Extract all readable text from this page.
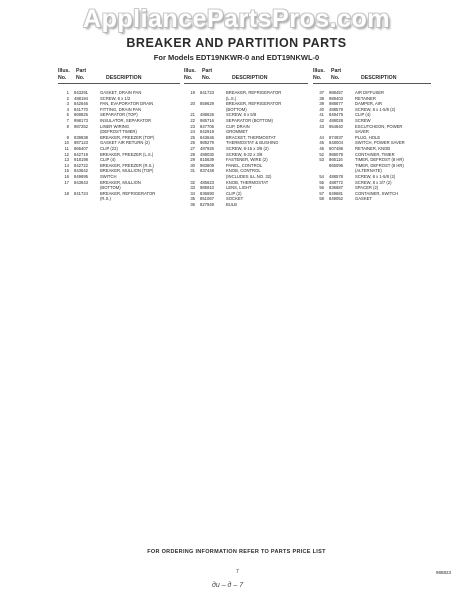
AppliancePartsPros.com
BREAKER AND PARTITION PARTS
For Models EDT19NKWR-0 and EDT19NKWL-0
Illus. Part
No. No.	DESCRIPTION
1	843291	GASKET, DRAIN PAN
2	488194	SCREW, 8 x 1/2
3	842646	PAN, EVAPORATOR DRAIN
4	841770	FITTING, DRAIN PAN
5	869825	SEPARATOR (TOP)
7	998173	INSULATOR, SEPARATOR
8	987252	LINER WIRING
(DEFROST TIMER)
9	839838	BREAKER, FREEZER (TOP)
10	987123	GASKET AIR RETURN (2)
11	866407	CLIP (22)
12	842719	BREAKER, FREEZER (L.S.)
13	918198	CLIP (4)
14	842722	BREAKER, FREEZER (R.S.)
15	843642	BREAKER, MULLION (TOP)
16	849695	SWITCH
17	843643	BREAKER, MULLION
(BOTTOM)
18	841724	BREAKER, REFRIGERATOR
(R.S.)
Illus. Part
No. No.	DESCRIPTION
19	841723	BREAKER, REFRIGERATOR
(L.S.)
20	859629	BREAKER, REFRIGERATOR
(BOTTOM)
21	488626	SCREW, 6 x 5/8
22	985716	SEPARATOR (BOTTOM)
23	847706	CUP, DRAIN
24	842919	GROMMET
25	843646	BRACKET, THERMOSTAT
26	989279	THERMOSTAT & BUSHING
27	487926	SCREW, 8-15 x 3/8 (2)
28	488030	SCREW, 8-32 x 3/8
29	815639	FASTENER, WIRE (2)
30	983809	PANEL, CONTROL
31	837448	KNOB, CONTROL
(INCLUDES ILL.NO. 32)
32	485623	KNOB, THERMOSTAT
33	985910	LENS, LIGHT
34	836690	CLIP (2)
35	851067	SOCKET
36	827949	BULB
Illus. Part
No. No.	DESCRIPTION
37	988457	AIR DIFFUSER
38	988403	RETAINER
39	988677	DAMPER, AIR
40	488579	SCREW, 8 x 1-5/8 (2)
41	849479	CLIP (4)
42	488028	SCREW
43	954840	ESCUTCHEON, POWER
SAVER
44	874937	PLUG, HOLE
45	848004	SWITCH, POWER SAVER
46	807486	RETAINER, KNOB
52	988079	CONTAINER, TIMER
53	866116	TIMER, DEFROST (8 HR)
865096	TIMER, DEFROST (8 HR)
(ALTERNATE)
54	488578	SCREW, 8 x 1-5/8 (2)
55	488772	SCREW, 8 x 3/7 (2)
56	836687	SPACER (2)
57	849681	CONTAINER, SWITCH
58	849052	GASKET
FOR ORDERING INFORMATION REFER TO PARTS PRICE LIST
7	988823
ди – д – 7
